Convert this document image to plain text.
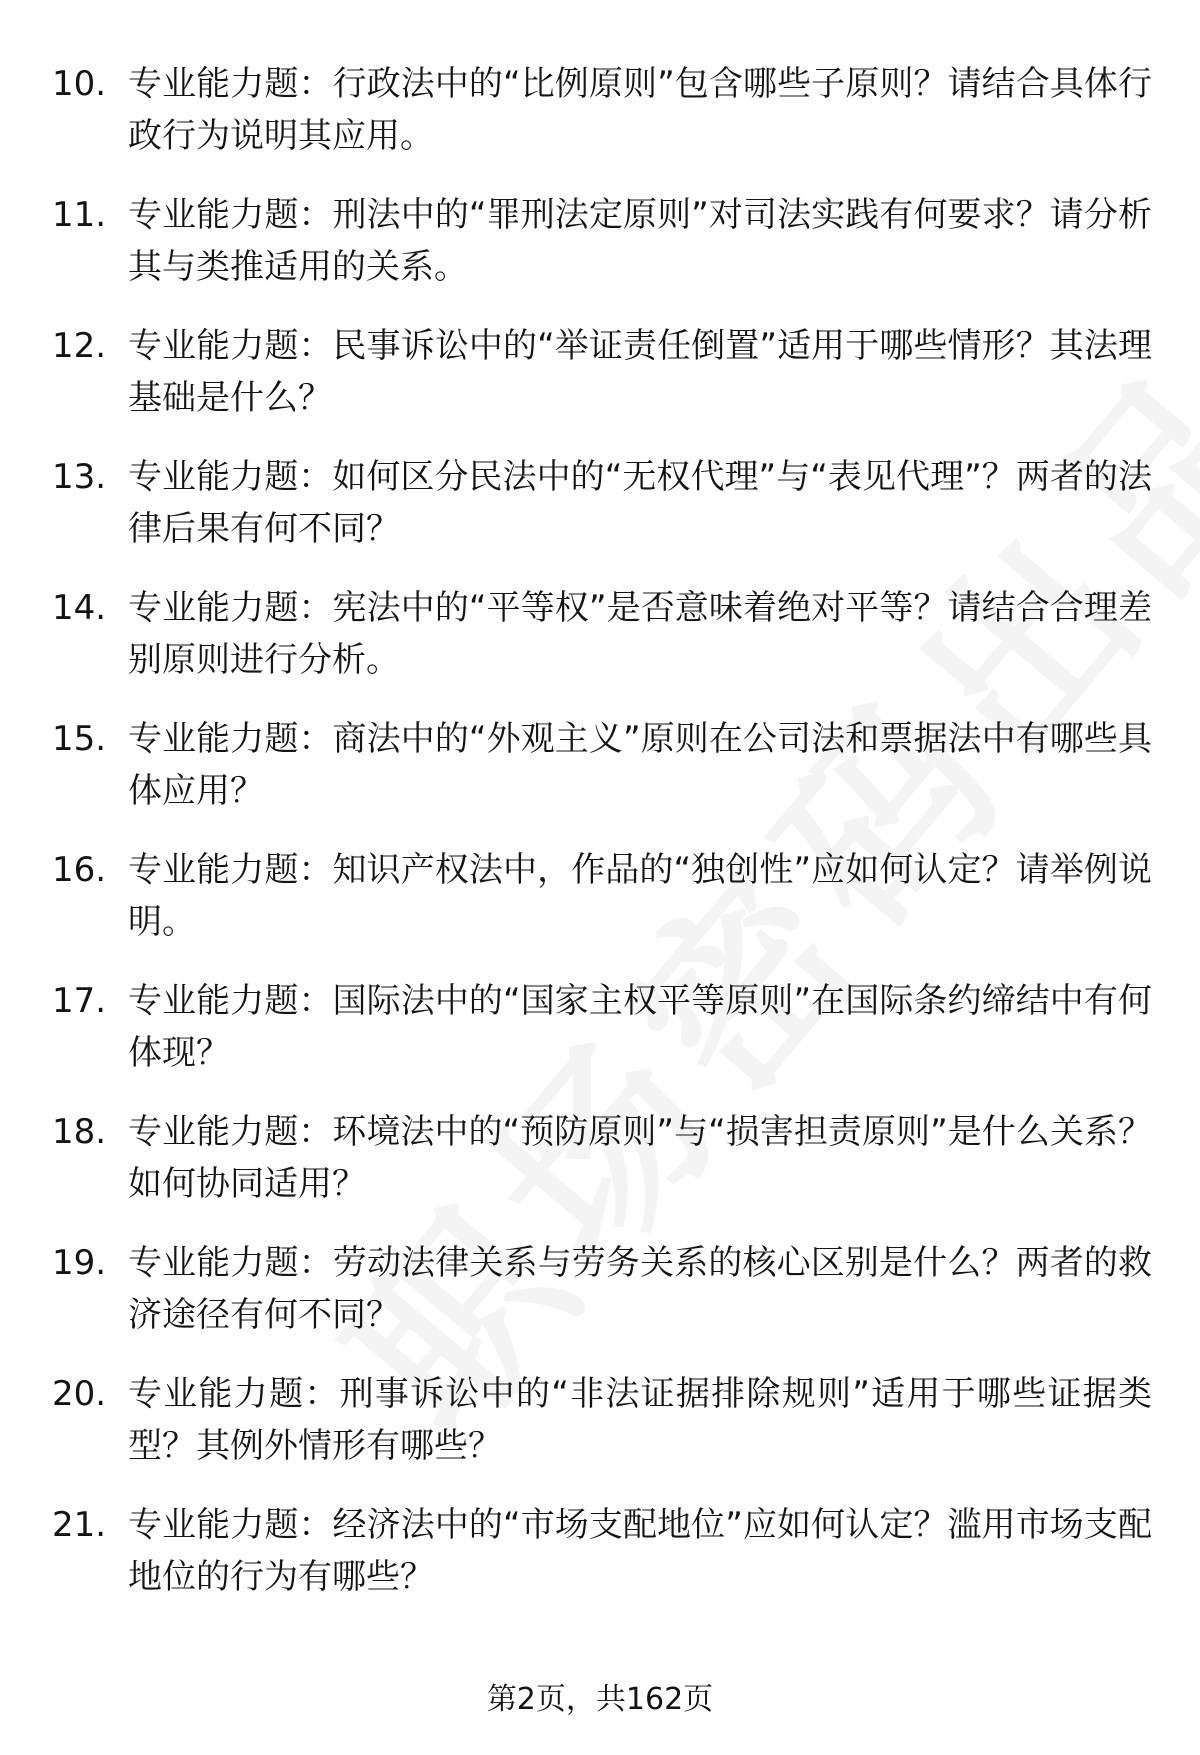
10. 专业能力题：行政法中的“比例原则”包含哪些子原则？请结合具体行政行为说明其应用。
11. 专业能力题：刑法中的“罪刑法定原则”对司法实践有何要求？请分析其与类推适用的关系。
12. 专业能力题：民事诉讼中的“举证责任倒置”适用于哪些情形？其法理基础是什么？
13. 专业能力题：如何区分民法中的“无权代理”与“表见代理”？两者的法律后果有何不同？
14. 专业能力题：宪法中的“平等权”是否意味着绝对平等？请结合合理差别原则进行分析。
15. 专业能力题：商法中的“外观主义”原则在公司法和票据法中有哪些具体应用？
16. 专业能力题：知识产权法中，作品的“独创性”应如何认定？请举例说明。
17. 专业能力题：国际法中的“国家主权平等原则”在国际条约缔结中有何体现？
18. 专业能力题：环境法中的“预防原则”与“损害担责原则”是什么关系？如何协同适用？
19. 专业能力题：劳动法律关系与劳务关系的核心区别是什么？两者的救济途径有何不同？
20. 专业能力题：刑事诉讼中的“非法证据排除规则”适用于哪些证据类型？其例外情形有哪些？
21. 专业能力题：经济法中的“市场支配地位”应如何认定？滥用市场支配地位的行为有哪些？
第2页，共162页
